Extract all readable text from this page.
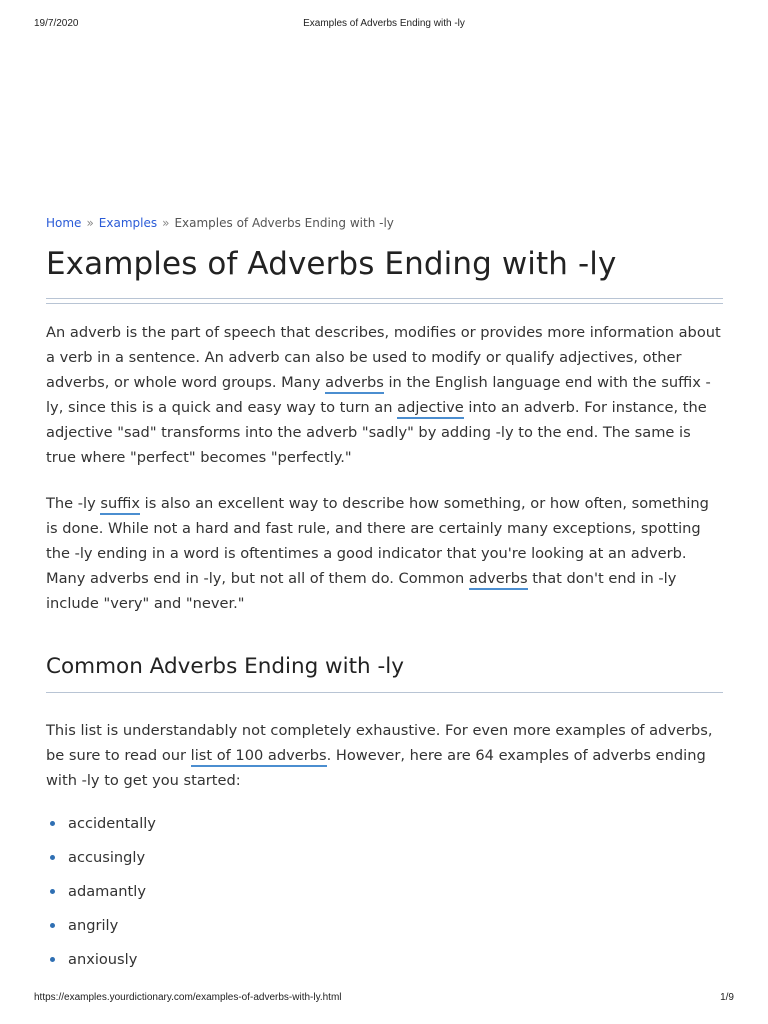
19/7/2020	Examples of Adverbs Ending with -ly
Home » Examples » Examples of Adverbs Ending with -ly
Examples of Adverbs Ending with -ly

An adverb is the part of speech that describes, modifies or provides more information about a verb in a sentence. An adverb can also be used to modify or qualify adjectives, other adverbs, or whole word groups. Many adverbs in the English language end with the suffix -ly, since this is a quick and easy way to turn an adjective into an adverb. For instance, the adjective "sad" transforms into the adverb "sadly" by adding -ly to the end. The same is true where "perfect" becomes "perfectly."

The -ly suffix is also an excellent way to describe how something, or how often, something is done. While not a hard and fast rule, and there are certainly many exceptions, spotting the -ly ending in a word is oftentimes a good indicator that you're looking at an adverb. Many adverbs end in -ly, but not all of them do. Common adverbs that don't end in -ly include "very" and "never."

Common Adverbs Ending with -ly

This list is understandably not completely exhaustive. For even more examples of adverbs, be sure to read our list of 100 adverbs. However, here are 64 examples of adverbs ending with -ly to get you started:

accidentally
accusingly
adamantly
angrily
anxiously
https://examples.yourdictionary.com/examples-of-adverbs-with-ly.html	1/9
